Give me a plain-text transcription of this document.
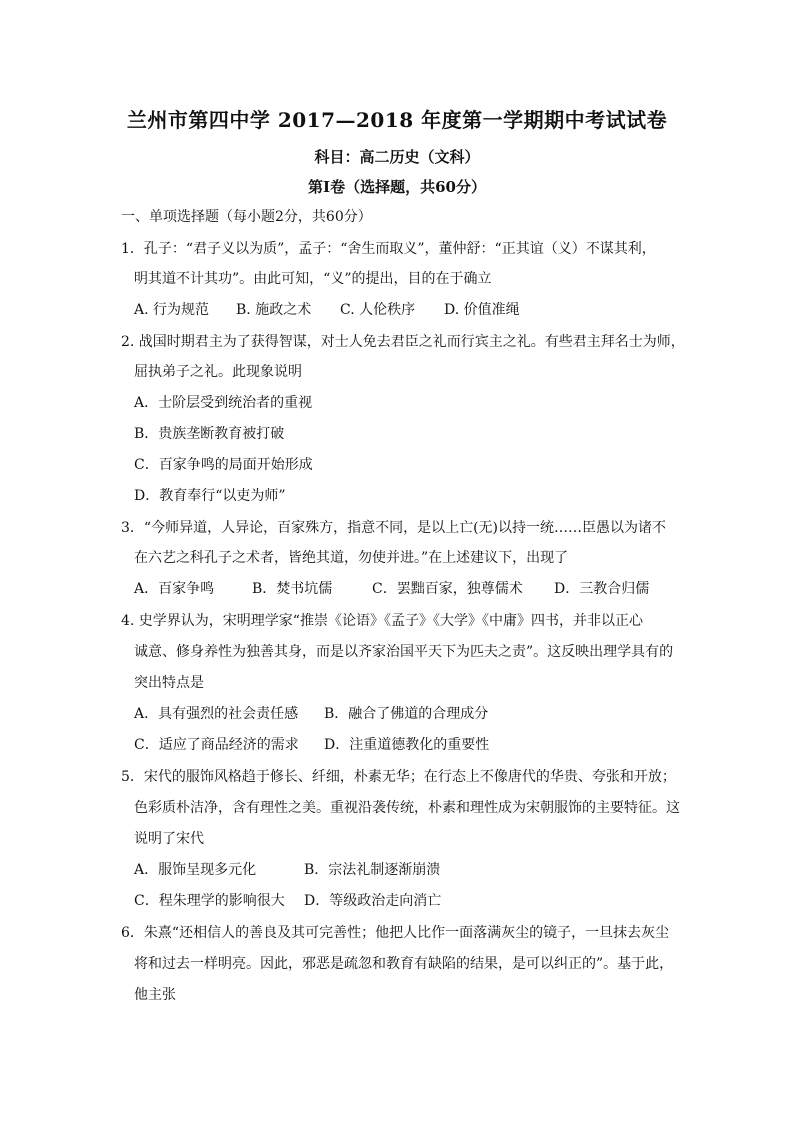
兰州市第四中学 2017—2018 年度第一学期期中考试试卷
科目：高二历史（文科）
第Ⅰ卷（选择题，共60分）
一、单项选择题（每小题2分，共60分）
1．孔子：“君子义以为质”，孟子：“舍生而取义”，董仲舒：“正其谊（义）不谋其利，
明其道不计其功”。由此可知，“义”的提出，目的在于确立
A. 行为规范 B. 施政之术 C. 人伦秩序 D. 价值准绳
2. 战国时期君主为了获得智谋，对士人免去君臣之礼而行宾主之礼。有些君主拜名士为师，
屈执弟子之礼。此现象说明
A．士阶层受到统治者的重视
B．贵族垄断教育被打破
C．百家争鸣的局面开始形成
D．教育奉行“以吏为师”
3．“今师异道，人异论，百家殊方，指意不同，是以上亡(无)以持一统……臣愚以为诸不
在六艺之科孔子之术者，皆绝其道，勿使并进。”在上述建议下，出现了
A．百家争鸣	B．焚书坑儒	C．罢黜百家，独尊儒术 D．三教合归儒
4. 史学界认为，宋明理学家“推崇《论语》《孟子》《大学》《中庸》四书，并非以正心
诚意、修身养性为独善其身，而是以齐家治国平天下为匹夫之责”。这反映出理学具有的
突出特点是
A．具有强烈的社会责任感 B．融合了佛道的合理成分
C．适应了商品经济的需求 D．注重道德教化的重要性
5．宋代的服饰风格趋于修长、纤细，朴素无华；在行态上不像唐代的华贵、夸张和开放；
色彩质朴洁净，含有理性之美。重视沿袭传统，朴素和理性成为宋朝服饰的主要特征。这
说明了宋代
A．服饰呈现多元化	B．宗法礼制逐渐崩溃
C．程朱理学的影响很大 D．等级政治走向消亡
6．朱熹“还相信人的善良及其可完善性；他把人比作一面落满灰尘的镜子，一旦抹去灰尘
将和过去一样明亮。因此，邪恶是疏忽和教育有缺陷的结果，是可以纠正的”。基于此，
他主张
